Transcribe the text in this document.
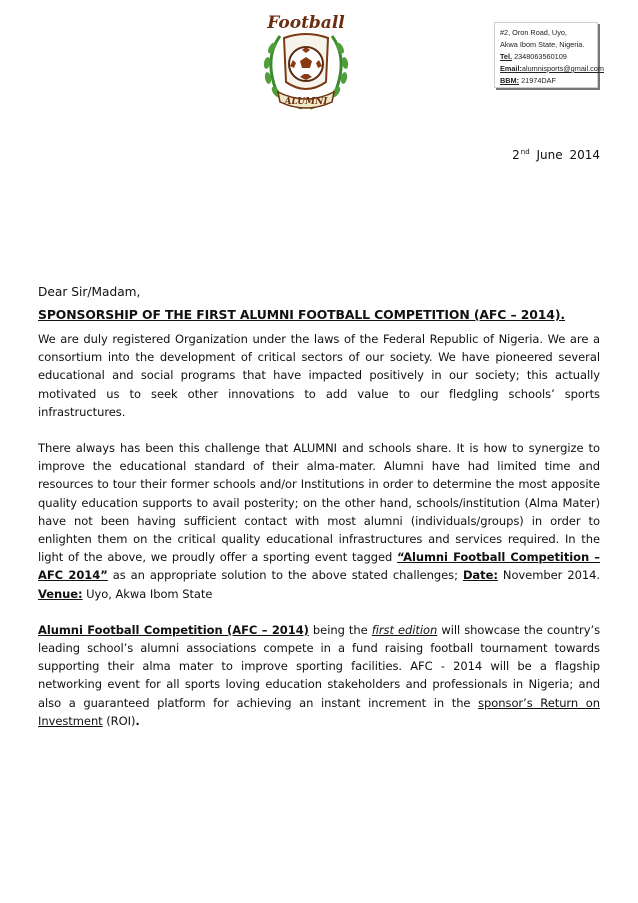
Football
ALUMNI
#2, Oron Road, Uyo,
Akwa Ibom State, Nigeria.
Tel. 2348063560109
Email:alumnisports@gmail.com
BBM: 21974DAF
2nd June 2014
Dear Sir/Madam,
SPONSORSHIP OF THE FIRST ALUMNI FOOTBALL COMPETITION (AFC – 2014).

We are duly registered Organization under the laws of the Federal Republic of Nigeria. We are a consortium into the development of critical sectors of our society. We have pioneered several educational and social programs that have impacted positively in our society; this actually motivated us to seek other innovations to add value to our fledgling schools’ sports infrastructures.

There always has been this challenge that ALUMNI and schools share. It is how to synergize to improve the educational standard of their alma-mater. Alumni have had limited time and resources to tour their former schools and/or Institutions in order to determine the most apposite quality education supports to avail posterity; on the other hand, schools/institution (Alma Mater) have not been having sufficient contact with most alumni (individuals/groups) in order to enlighten them on the critical quality educational infrastructures and services required. In the light of the above, we proudly offer a sporting event tagged “Alumni Football Competition – AFC 2014” as an appropriate solution to the above stated challenges; Date: November 2014.   Venue: Uyo, Akwa Ibom State

Alumni Football Competition (AFC – 2014) being the first edition will showcase the country’s leading school’s alumni associations compete in a fund raising football tournament towards supporting their alma mater to improve sporting facilities. AFC - 2014 will be a flagship networking event for all sports loving education stakeholders and professionals in Nigeria; and also a guaranteed platform for achieving an instant increment in the sponsor’s Return on Investment (ROI).
